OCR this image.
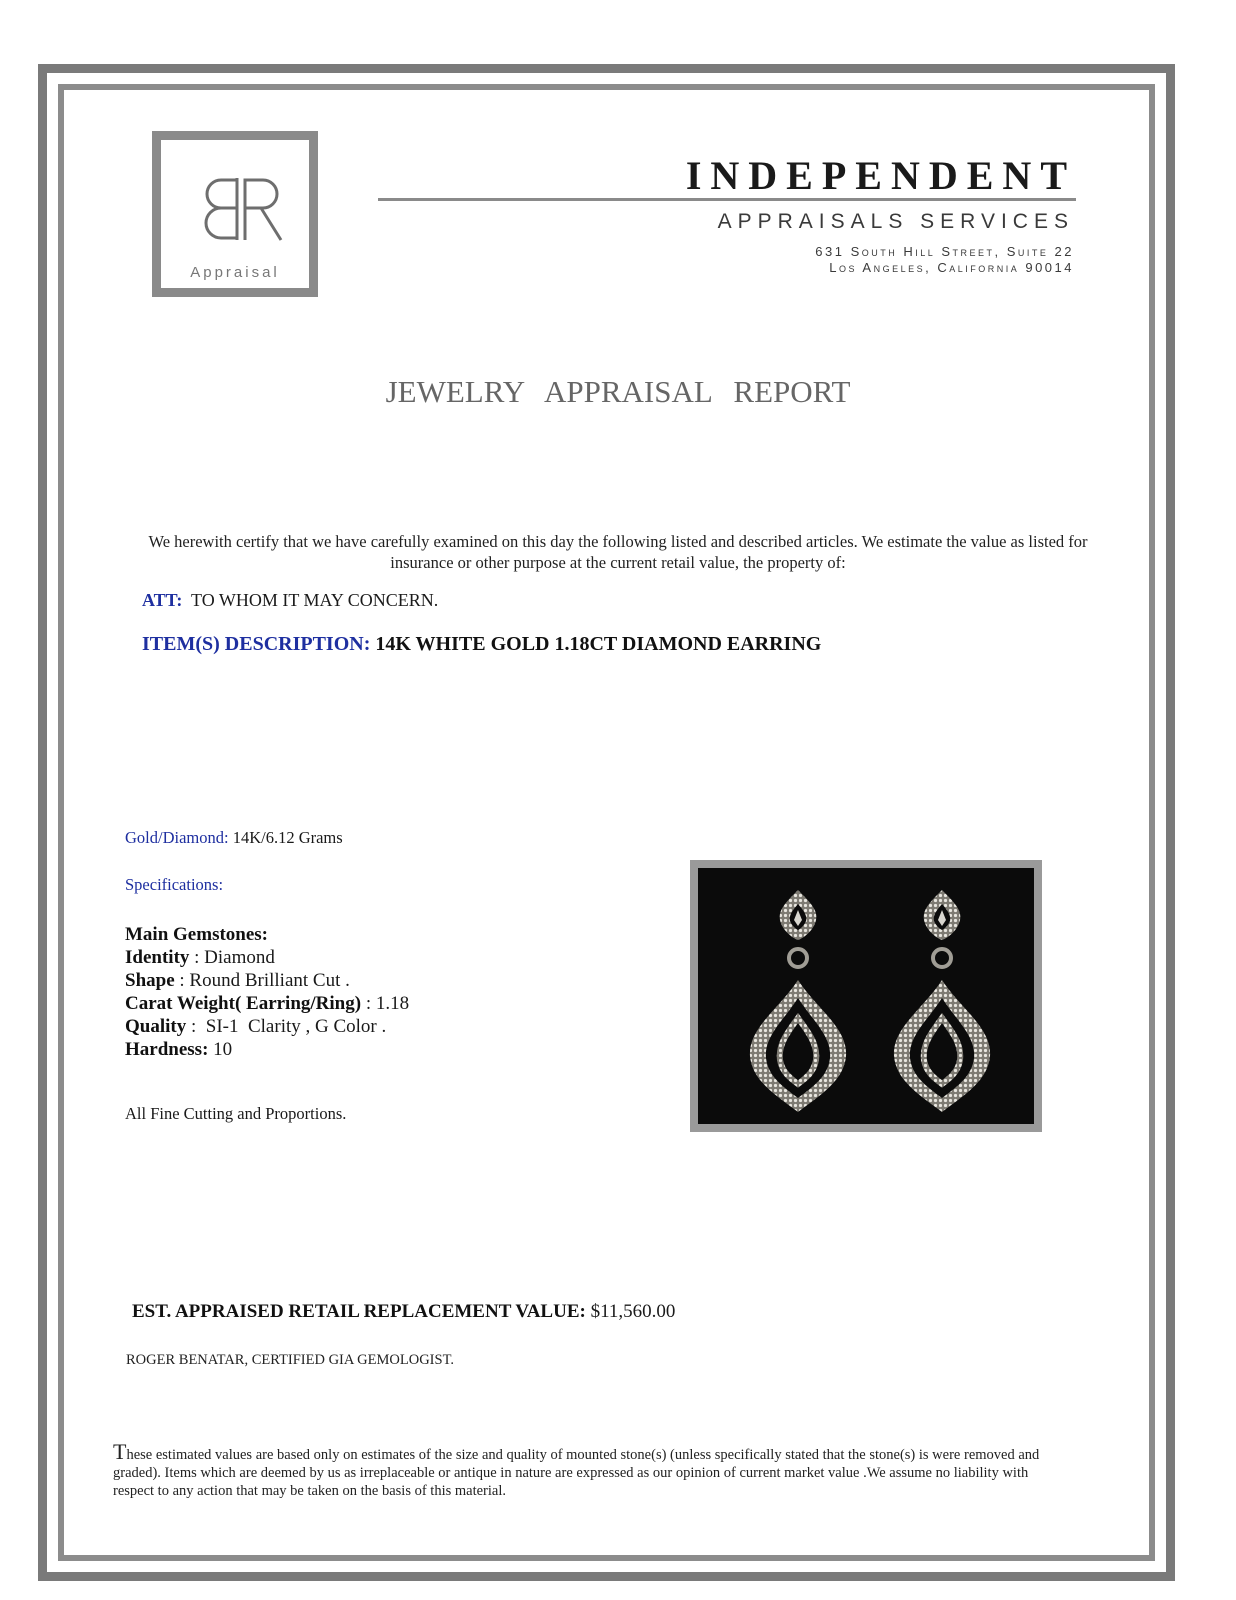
Appraisal
INDEPENDENT
APPRAISALS SERVICES
631 South Hill Street, Suite 22
Los Angeles, California 90014
JEWELRY APPRAISAL REPORT
We herewith certify that we have carefully examined on this day the following listed and described articles. We estimate the value as listed for insurance or other purpose at the current retail value, the property of:
ATT: TO WHOM IT MAY CONCERN.
ITEM(S) DESCRIPTION: 14K WHITE GOLD 1.18CT DIAMOND EARRING
Gold/Diamond: 14K/6.12 Grams
Specifications:
Main Gemstones:
Identity : Diamond
Shape : Round Brilliant Cut .
Carat Weight( Earring/Ring) : 1.18
Quality :  SI-1  Clarity , G Color .
Hardness: 10
All Fine Cutting and Proportions.
EST. APPRAISED RETAIL REPLACEMENT VALUE: $11,560.00
ROGER BENATAR, CERTIFIED GIA GEMOLOGIST.
These estimated values are based only on estimates of the size and quality of mounted stone(s) (unless specifically stated that the stone(s) is were removed and graded). Items which are deemed by us as irreplaceable or antique in nature are expressed as our opinion of current market value .We assume no liability with respect to any action that may be taken on the basis of this material.
